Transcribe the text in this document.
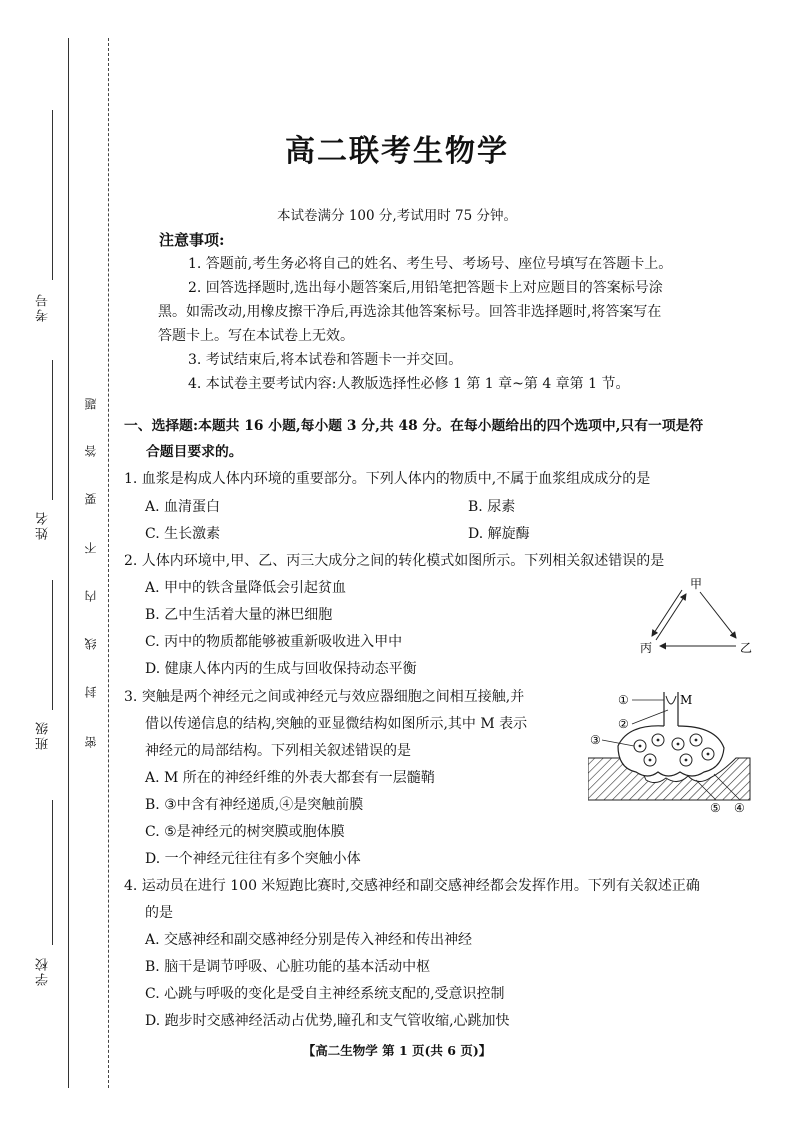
考号
姓名
班级
学校
题
答
要
不
内
线
封
密
高二联考生物学
本试卷满分 100 分,考试用时 75 分钟。
注意事项:
1. 答题前,考生务必将自己的姓名、考生号、考场号、座位号填写在答题卡上。
2. 回答选择题时,选出每小题答案后,用铅笔把答题卡上对应题目的答案标号涂
黑。如需改动,用橡皮擦干净后,再选涂其他答案标号。回答非选择题时,将答案写在
答题卡上。写在本试卷上无效。
3. 考试结束后,将本试卷和答题卡一并交回。
4. 本试卷主要考试内容:人教版选择性必修 1 第 1 章~第 4 章第 1 节。
一、选择题:本题共 16 小题,每小题 3 分,共 48 分。在每小题给出的四个选项中,只有一项是符
合题目要求的。
1. 血浆是构成人体内环境的重要部分。下列人体内的物质中,不属于血浆组成成分的是
A. 血清蛋白	B. 尿素
C. 生长激素	D. 解旋酶
2. 人体内环境中,甲、乙、丙三大成分之间的转化模式如图所示。下列相关叙述错误的是
A. 甲中的铁含量降低会引起贫血
B. 乙中生活着大量的淋巴细胞
C. 丙中的物质都能够被重新吸收进入甲中
D. 健康人体内丙的生成与回收保持动态平衡
甲
丙	乙
3. 突触是两个神经元之间或神经元与效应器细胞之间相互接触,并
借以传递信息的结构,突触的亚显微结构如图所示,其中 M 表示
神经元的局部结构。下列相关叙述错误的是
A. M 所在的神经纤维的外表大都套有一层髓鞘
B. ③中含有神经递质,④是突触前膜
C. ⑤是神经元的树突膜或胞体膜
D. 一个神经元往往有多个突触小体
①	M
②
③
⑤ ④
4. 运动员在进行 100 米短跑比赛时,交感神经和副交感神经都会发挥作用。下列有关叙述正确
的是
A. 交感神经和副交感神经分别是传入神经和传出神经
B. 脑干是调节呼吸、心脏功能的基本活动中枢
C. 心跳与呼吸的变化是受自主神经系统支配的,受意识控制
D. 跑步时交感神经活动占优势,瞳孔和支气管收缩,心跳加快
【高二生物学 第 1 页(共 6 页)】
